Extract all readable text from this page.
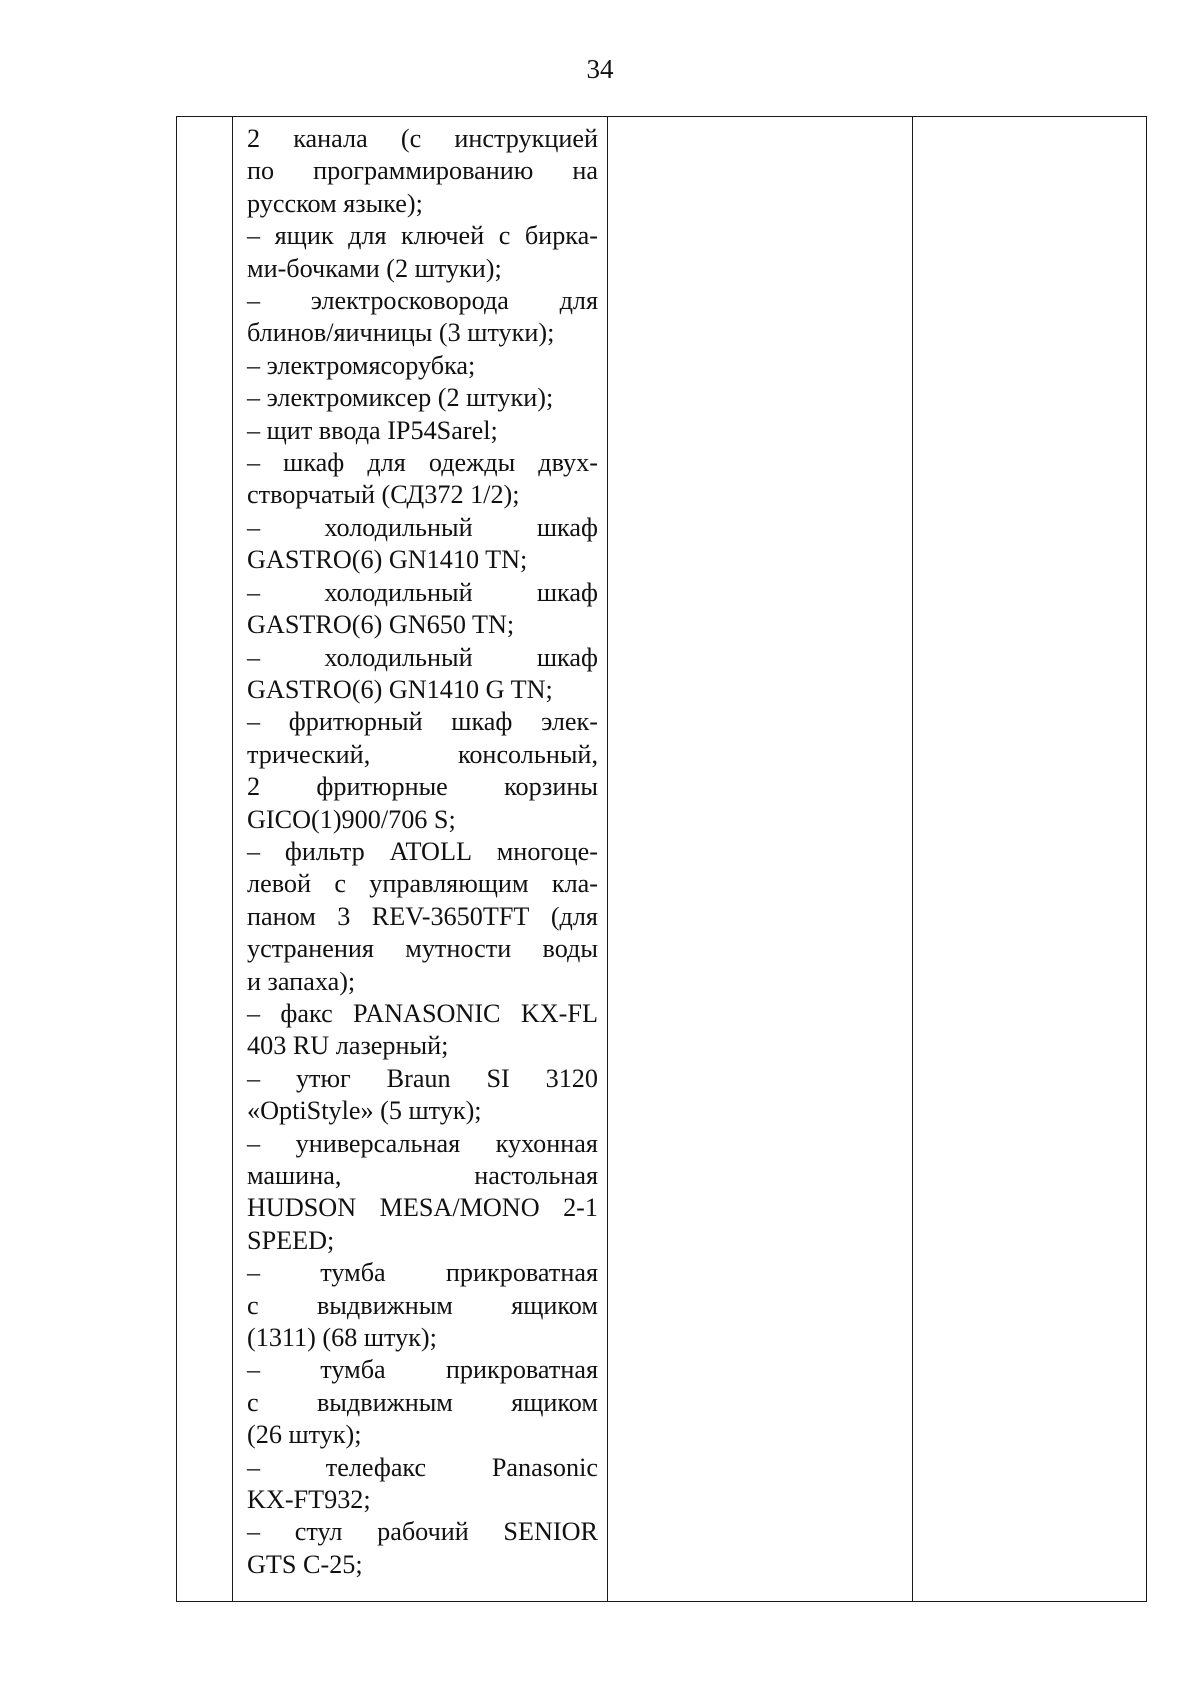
34

2 канала (с инструкцией
по программированию на
русском языке);
– ящик для ключей с бирка-
ми-бочками (2 штуки);
– электросковорода для
блинов/яичницы (3 штуки);
– электромясорубка;
– электромиксер (2 штуки);
– щит ввода IP54Sarel;
– шкаф для одежды двух-
створчатый (СД372 1/2);
– холодильный шкаф
GASTRO(6) GN1410 TN;
– холодильный шкаф
GASTRO(6) GN650 TN;
– холодильный шкаф
GASTRO(6) GN1410 G TN;
– фритюрный шкаф элек-
трический,	консольный,
2 фритюрные корзины
GICO(1)900/706 S;
– фильтр ATOLL многоце-
левой с управляющим кла-
паном 3 REV-3650TFT (для
устранения мутности воды
и запаха);
– факс PANASONIC KX-FL
403 RU лазерный;
– утюг Braun SI 3120
«OptiStyle» (5 штук);
– универсальная кухонная
машина,	настольная
HUDSON MESA/MONO 2-1
SPEED;
– тумба прикроватная
с выдвижным ящиком
(1311) (68 штук);
– тумба прикроватная
с выдвижным ящиком
(26 штук);
–	телефакс	Panasonic
KX-FT932;
– стул рабочий SENIOR
GTS C-25;
